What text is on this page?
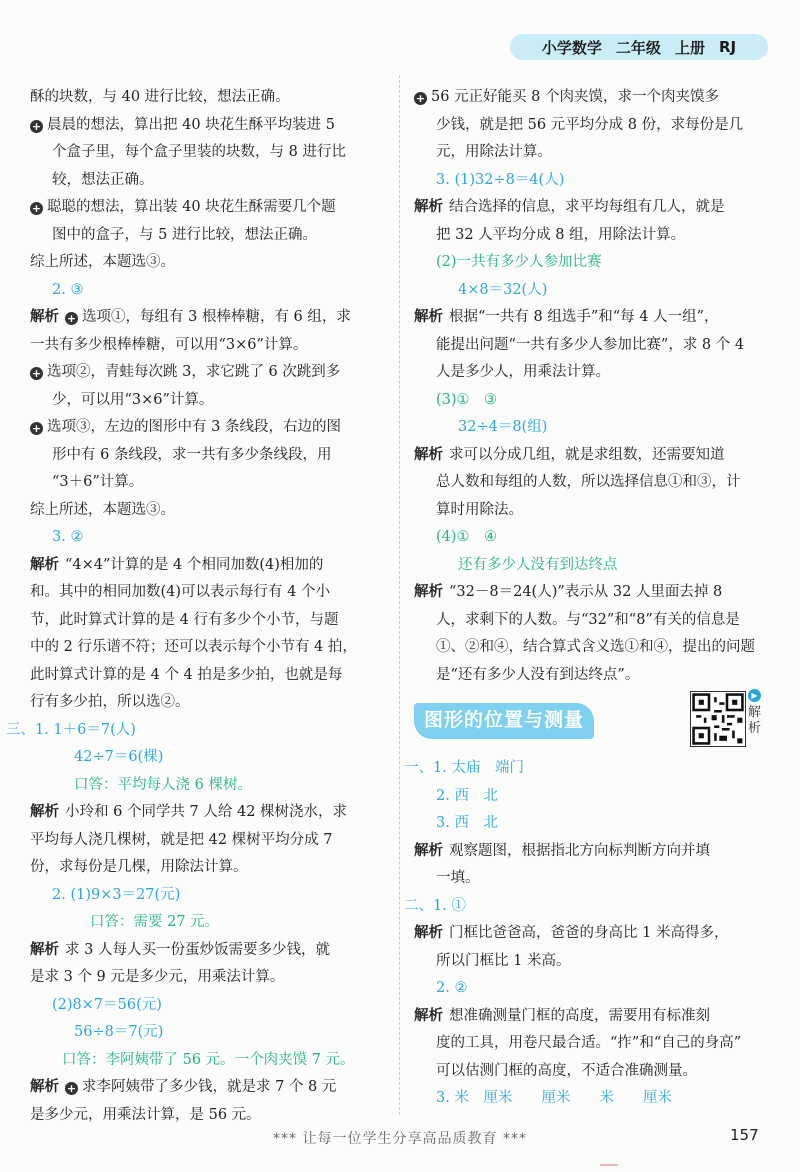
小学数学 二年级 上册 RJ

酥的块数，与 40 进行比较，想法正确。

+ 晨晨的想法，算出把 40 块花生酥平均装进 5

个盒子里，每个盒子里装的块数，与 8 进行比

较，想法正确。

+ 聪聪的想法，算出装 40 块花生酥需要几个题

图中的盒子，与 5 进行比较，想法正确。

综上所述，本题选③。

2. ③

解析 + 选项①，每组有 3 根棒棒糖，有 6 组，求

一共有多少根棒棒糖，可以用“3×6”计算。

+ 选项②，青蛙每次跳 3，求它跳了 6 次跳到多

少，可以用“3×6”计算。

+ 选项③，左边的图形中有 3 条线段，右边的图

形中有 6 条线段，求一共有多少条线段，用

“3＋6”计算。

综上所述，本题选③。

3. ②

解析 “4×4”计算的是 4 个相同加数(4)相加的

和。其中的相同加数(4)可以表示每行有 4 个小

节，此时算式计算的是 4 行有多少个小节，与题

中的 2 行乐谱不符；还可以表示每个小节有 4 拍，

此时算式计算的是 4 个 4 拍是多少拍，也就是每

行有多少拍，所以选②。

三、1. 1＋6＝7(人)

42÷7＝6(棵)

口答：平均每人浇 6 棵树。

解析 小玲和 6 个同学共 7 人给 42 棵树浇水，求

平均每人浇几棵树，就是把 42 棵树平均分成 7

份，求每份是几棵，用除法计算。

2. (1)9×3＝27(元)

口答：需要 27 元。

解析 求 3 人每人买一份蛋炒饭需要多少钱，就

是求 3 个 9 元是多少元，用乘法计算。

(2)8×7＝56(元)

56÷8＝7(元)

口答：李阿姨带了 56 元。一个肉夹馍 7 元。

解析 + 求李阿姨带了多少钱，就是求 7 个 8 元

是多少元，用乘法计算，是 56 元。

+ 56 元正好能买 8 个肉夹馍，求一个肉夹馍多

少钱，就是把 56 元平均分成 8 份，求每份是几

元，用除法计算。

3. (1)32÷8＝4(人)

解析 结合选择的信息，求平均每组有几人，就是

把 32 人平均分成 8 组，用除法计算。

(2)一共有多少人参加比赛

4×8＝32(人)

解析 根据“一共有 8 组选手”和“每 4 人一组”，

能提出问题“一共有多少人参加比赛”，求 8 个 4

人是多少人，用乘法计算。

(3)①　③

32÷4＝8(组)

解析 求可以分成几组，就是求组数，还需要知道

总人数和每组的人数，所以选择信息①和③，计

算时用除法。

(4)①　④

还有多少人没有到达终点

解析 “32－8＝24(人)”表示从 32 人里面去掉 8

人，求剩下的人数。与“32”和“8”有关的信息是

①、②和④，结合算式含义选①和④，提出的问题

是“还有多少人没有到达终点”。

图形的位置与测量
▶
解析

一、1. 太庙　端门

2. 西　北

3. 西　北

解析 观察题图，根据指北方向标判断方向并填

一填。

二、1. ①

解析 门框比爸爸高，爸爸的身高比 1 米高得多，

所以门框比 1 米高。

2. ②

解析 想准确测量门框的高度，需要用有标准刻

度的工具，用卷尺最合适。“拃”和“自己的身高”

可以估测门框的高度，不适合准确测量。

3. 米　厘米　　厘米　　米　　厘米

*** 让每一位学生分享高品质教育 ***	157
